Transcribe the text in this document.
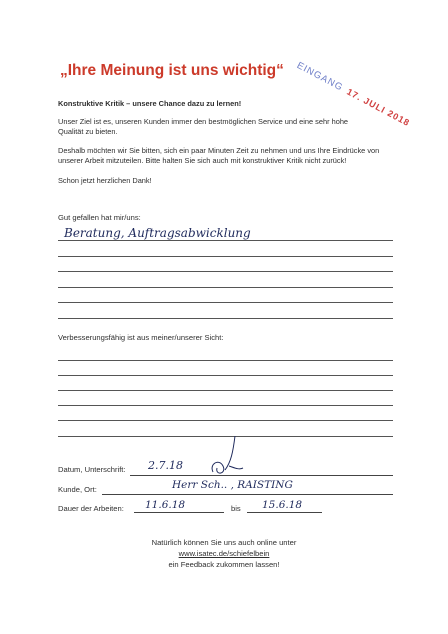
„Ihre Meinung ist uns wichtig“ EINGANG 17. JULI 2018
Konstruktive Kritik – unsere Chance dazu zu lernen!
Unser Ziel ist es, unseren Kunden immer den bestmöglichen Service und eine sehr hohe Qualität zu bieten.
Deshalb möchten wir Sie bitten, sich ein paar Minuten Zeit zu nehmen und uns Ihre Eindrücke von unserer Arbeit mitzuteilen. Bitte halten Sie sich auch mit konstruktiver Kritik nicht zurück!
Schon jetzt herzlichen Dank!
Gut gefallen hat mir/uns:
Beratung, Auftragsabwicklung
Verbesserungsfähig ist aus meiner/unserer Sicht:
Datum, Unterschrift: 2.7.18
Kunde, Ort:	Herr Sch.. , RAISTING
Dauer der Arbeiten: 11.6.18	bis 15.6.18
Natürlich können Sie uns auch online unter
www.isatec.de/schiefelbein
ein Feedback zukommen lassen!
